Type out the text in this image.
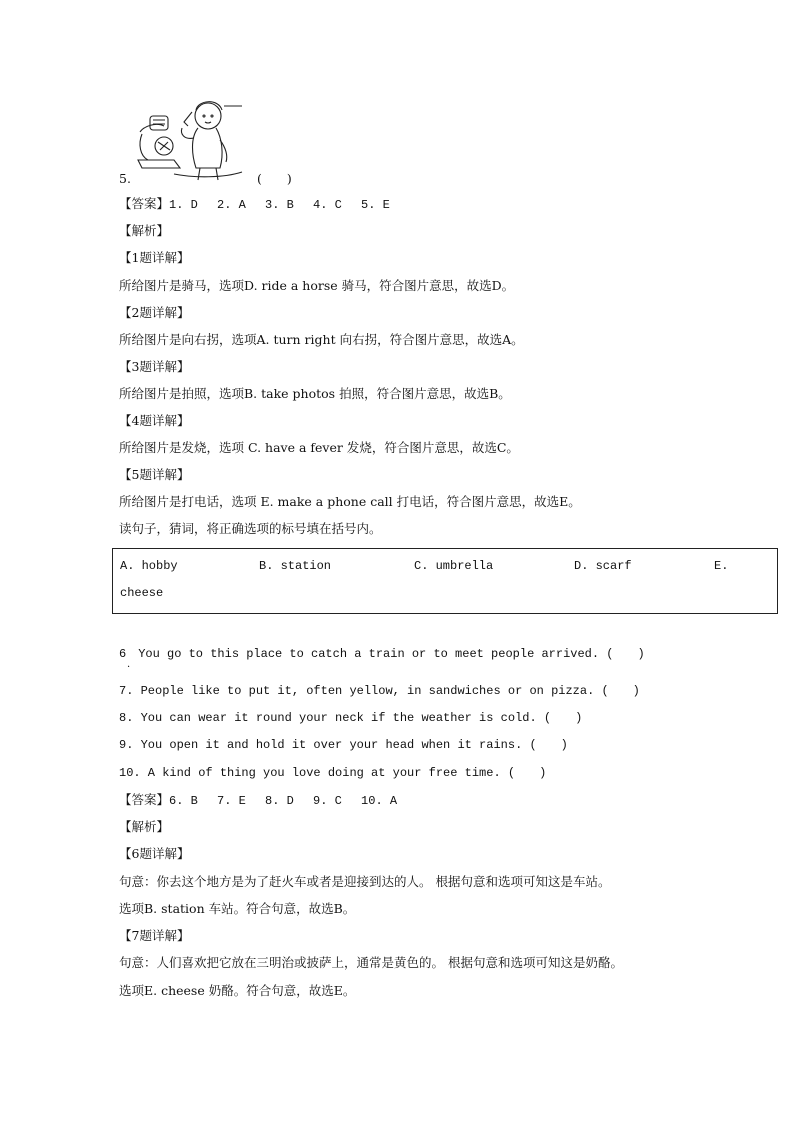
5.	(　　)
【答案】1. D　 2. A　 3. B　 4. C　 5. E
【解析】
【1题详解】
所给图片是骑马，选项D. ride a horse 骑马，符合图片意思，故选D。
【2题详解】
所给图片是向右拐，选项A. turn right 向右拐，符合图片意思，故选A。
【3题详解】
所给图片是拍照，选项B. take photos 拍照，符合图片意思，故选B。
【4题详解】
所给图片是发烧，选项 C. have a fever 发烧，符合图片意思，故选C。
【5题详解】
所给图片是打电话，选项 E. make a phone call 打电话，符合图片意思，故选E。
读句子，猜词，将正确选项的标号填在括号内。
A. hobby	B. station	C. umbrella	D. scarf	E.
cheese
6　You go to this place to catch a train or to meet people arrived. (　　)
·
7. People like to put it, often yellow, in sandwiches or on pizza. (　　)
8. You can wear it round your neck if the weather is cold. (　　)
9. You open it and hold it over your head when it rains. (　　)
10. A kind of thing you love doing at your free time. (　　)
【答案】6. B　 7. E　 8. D　 9. C　 10. A
【解析】
【6题详解】
句意：你去这个地方是为了赶火车或者是迎接到达的人。 根据句意和选项可知这是车站。
选项B. station 车站。符合句意，故选B。
【7题详解】
句意：人们喜欢把它放在三明治或披萨上，通常是黄色的。 根据句意和选项可知这是奶酪。
选项E. cheese 奶酪。符合句意，故选E。
